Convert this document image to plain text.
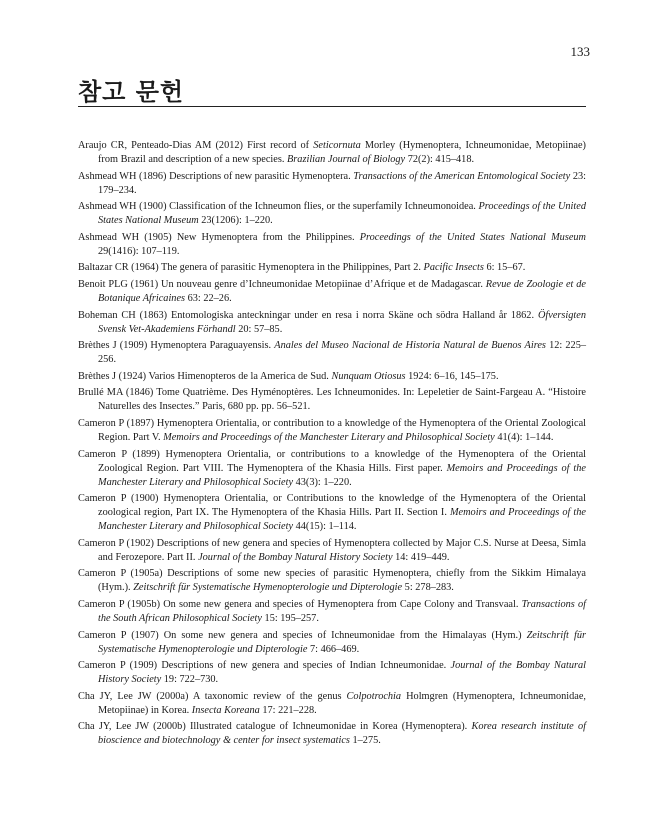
133
참고 문헌
Araujo CR, Penteado-Dias AM (2012) First record of Seticornuta Morley (Hymenoptera, Ichneumonidae, Metopiinae) from Brazil and description of a new species. Brazilian Journal of Biology 72(2): 415–418.
Ashmead WH (1896) Descriptions of new parasitic Hymenoptera. Transactions of the American Entomological Society 23: 179–234.
Ashmead WH (1900) Classification of the Ichneumon flies, or the superfamily Ichneumonoidea. Proceedings of the United States National Museum 23(1206): 1–220.
Ashmead WH (1905) New Hymenoptera from the Philippines. Proceedings of the United States National Museum 29(1416): 107–119.
Baltazar CR (1964) The genera of parasitic Hymenoptera in the Philippines, Part 2. Pacific Insects 6: 15–67.
Benoit PLG (1961) Un nouveau genre d’Ichneumonidae Metopiinae d’Afrique et de Madagascar. Revue de Zoologie et de Botanique Africaines 63: 22–26.
Boheman CH (1863) Entomologiska anteckningar under en resa i norra Skäne och södra Halland år 1862. Öfversigten Svensk Vet-Akademiens Förhandl 20: 57–85.
Brèthes J (1909) Hymenoptera Paraguayensis. Anales del Museo Nacional de Historia Natural de Buenos Aires 12: 225–256.
Brèthes J (1924) Varios Himenopteros de la America de Sud. Nunquam Otiosus 1924: 6–16, 145–175.
Brullé MA (1846) Tome Quatrième. Des Hyménoptères. Les Ichneumonides. In: Lepeletier de Saint-Fargeau A. “Histoire Naturelles des Insectes.” Paris, 680 pp. pp. 56–521.
Cameron P (1897) Hymenoptera Orientalia, or contribution to a knowledge of the Hymenoptera of the Oriental Zoological Region. Part V. Memoirs and Proceedings of the Manchester Literary and Philosophical Society 41(4): 1–144.
Cameron P (1899) Hymenoptera Orientalia, or contributions to a knowledge of the Hymenoptera of the Oriental Zoological Region. Part VIII. The Hymenoptera of the Khasia Hills. First paper. Memoirs and Proceedings of the Manchester Literary and Philosophical Society 43(3): 1–220.
Cameron P (1900) Hymenoptera Orientalia, or Contributions to the knowledge of the Hymenoptera of the Oriental zoological region, Part IX. The Hymenoptera of the Khasia Hills. Part II. Section I. Memoirs and Proceedings of the Manchester Literary and Philosophical Society 44(15): 1–114.
Cameron P (1902) Descriptions of new genera and species of Hymenoptera collected by Major C.S. Nurse at Deesa, Simla and Ferozepore. Part II. Journal of the Bombay Natural History Society 14: 419–449.
Cameron P (1905a) Descriptions of some new species of parasitic Hymenoptera, chiefly from the Sikkim Himalaya (Hym.). Zeitschrift für Systematische Hymenopterologie und Dipterologie 5: 278–283.
Cameron P (1905b) On some new genera and species of Hymenoptera from Cape Colony and Transvaal. Transactions of the South African Philosophical Society 15: 195–257.
Cameron P (1907) On some new genera and species of Ichneumonidae from the Himalayas (Hym.) Zeitschrift für Systematische Hymenopterologie und Dipterologie 7: 466–469.
Cameron P (1909) Descriptions of new genera and species of Indian Ichneumonidae. Journal of the Bombay Natural History Society 19: 722–730.
Cha JY, Lee JW (2000a) A taxonomic review of the genus Colpotrochia Holmgren (Hymenoptera, Ichneumonidae, Metopiinae) in Korea. Insecta Koreana 17: 221–228.
Cha JY, Lee JW (2000b) Illustrated catalogue of Ichneumonidae in Korea (Hymenoptera). Korea research institute of bioscience and biotechnology & center for insect systematics 1–275.
